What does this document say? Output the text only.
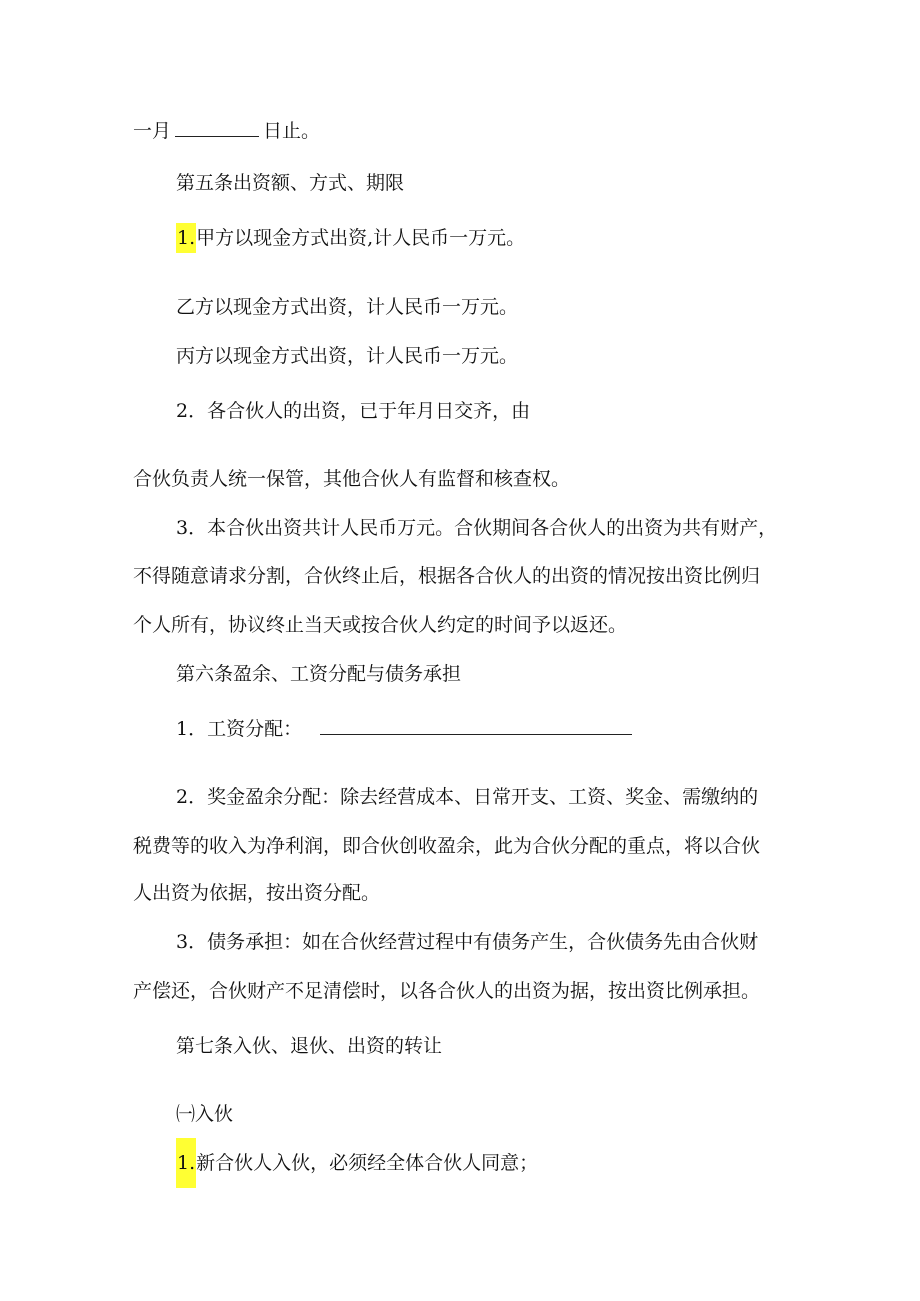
一月	日止。
第五条出资额、方式、期限
1.甲方以现金方式出资,计人民币一万元。
乙方以现金方式出资，计人民币一万元。
丙方以现金方式出资，计人民币一万元。
2．各合伙人的出资，已于年月日交齐，由
合伙负责人统一保管，其他合伙人有监督和核查权。
3．本合伙出资共计人民币万元。合伙期间各合伙人的出资为共有财产，
不得随意请求分割，合伙终止后，根据各合伙人的出资的情况按出资比例归
个人所有，协议终止当天或按合伙人约定的时间予以返还。
第六条盈余、工资分配与债务承担
1．工资分配：
2．奖金盈余分配：除去经营成本、日常开支、工资、奖金、需缴纳的
税费等的收入为净利润，即合伙创收盈余，此为合伙分配的重点，将以合伙
人出资为依据，按出资分配。
3．债务承担：如在合伙经营过程中有债务产生，合伙债务先由合伙财
产偿还，合伙财产不足清偿时，以各合伙人的出资为据，按出资比例承担。
第七条入伙、退伙、出资的转让
㈠入伙
1.新合伙人入伙，必须经全体合伙人同意；
